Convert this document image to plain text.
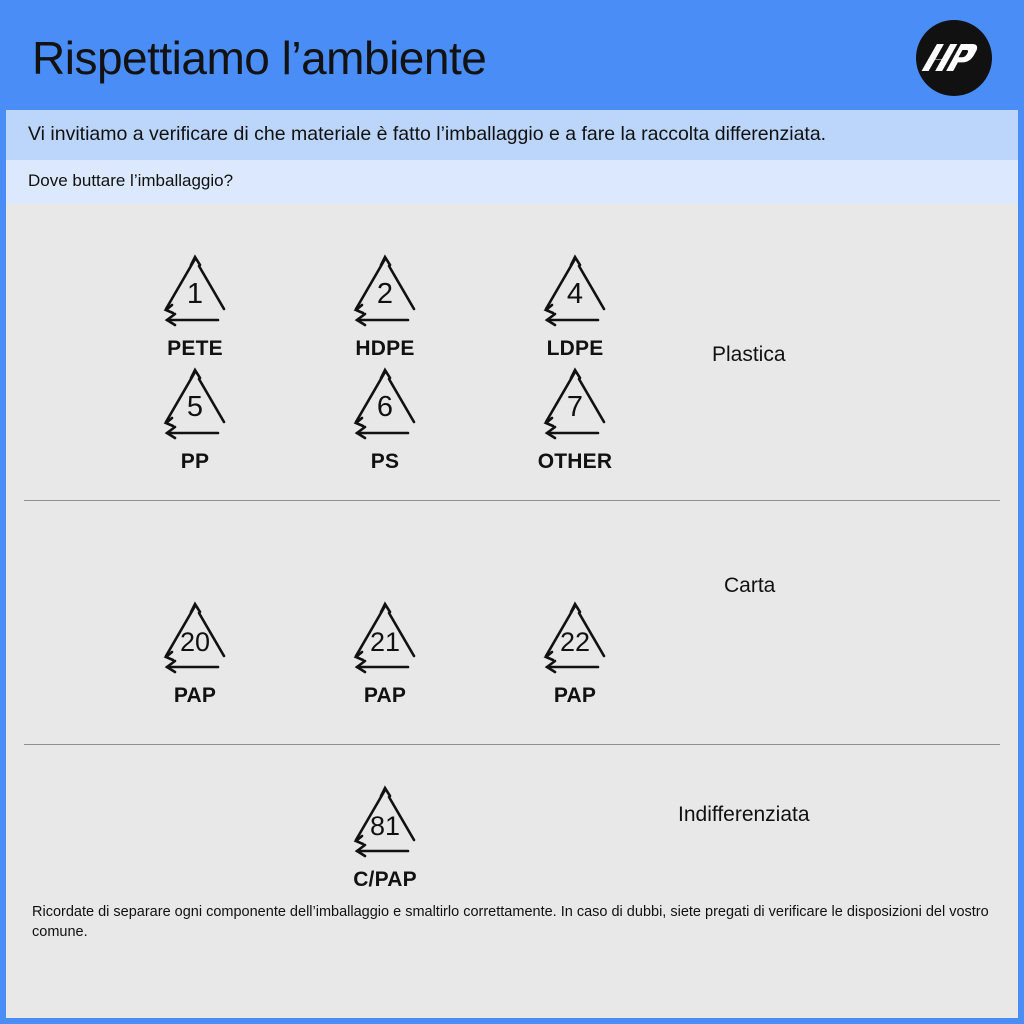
Rispettiamo l’ambiente
Vi invitiamo a verificare di che materiale è fatto l’imballaggio e a fare la raccolta differenziata.
Dove buttare l’imballaggio?
1
PETE
2
HDPE
4
LDPE
5
PP
6
PS
7
OTHER
Plastica
20
PAP
21
PAP
22
PAP
Carta
81
C/PAP
Indifferenziata
Ricordate di separare ogni componente dell’imballaggio e smaltirlo correttamente. In caso di dubbi, siete pregati di verificare le disposizioni del vostro comune.
